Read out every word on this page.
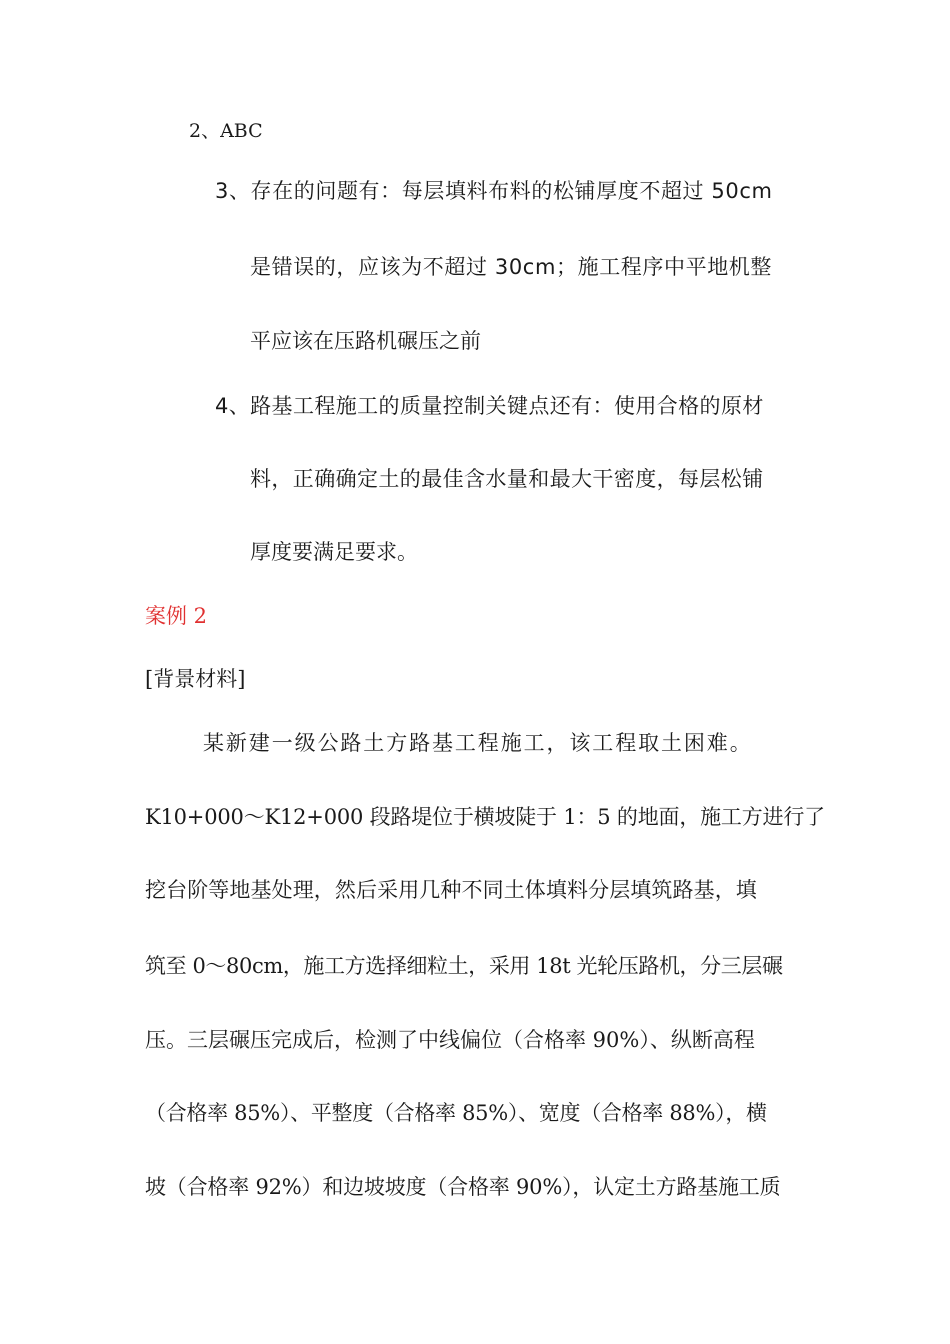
2、ABC
3、存在的问题有：每层填料布料的松铺厚度不超过 50cm
是错误的，应该为不超过 30cm；施工程序中平地机整
平应该在压路机碾压之前
4、路基工程施工的质量控制关键点还有：使用合格的原材
料，正确确定土的最佳含水量和最大干密度，每层松铺
厚度要满足要求。
案例 2
[背景材料]
某新建一级公路土方路基工程施工，该工程取土困难。
K10+000～K12+000 段路堤位于横坡陡于 1：5 的地面，施工方进行了
挖台阶等地基处理，然后采用几种不同土体填料分层填筑路基，填
筑至 0～80cm，施工方选择细粒土，采用 18t 光轮压路机，分三层碾
压。三层碾压完成后，检测了中线偏位（合格率 90%）、纵断高程
（合格率 85%）、平整度（合格率 85%）、宽度（合格率 88%），横
坡（合格率 92%）和边坡坡度（合格率 90%），认定土方路基施工质
